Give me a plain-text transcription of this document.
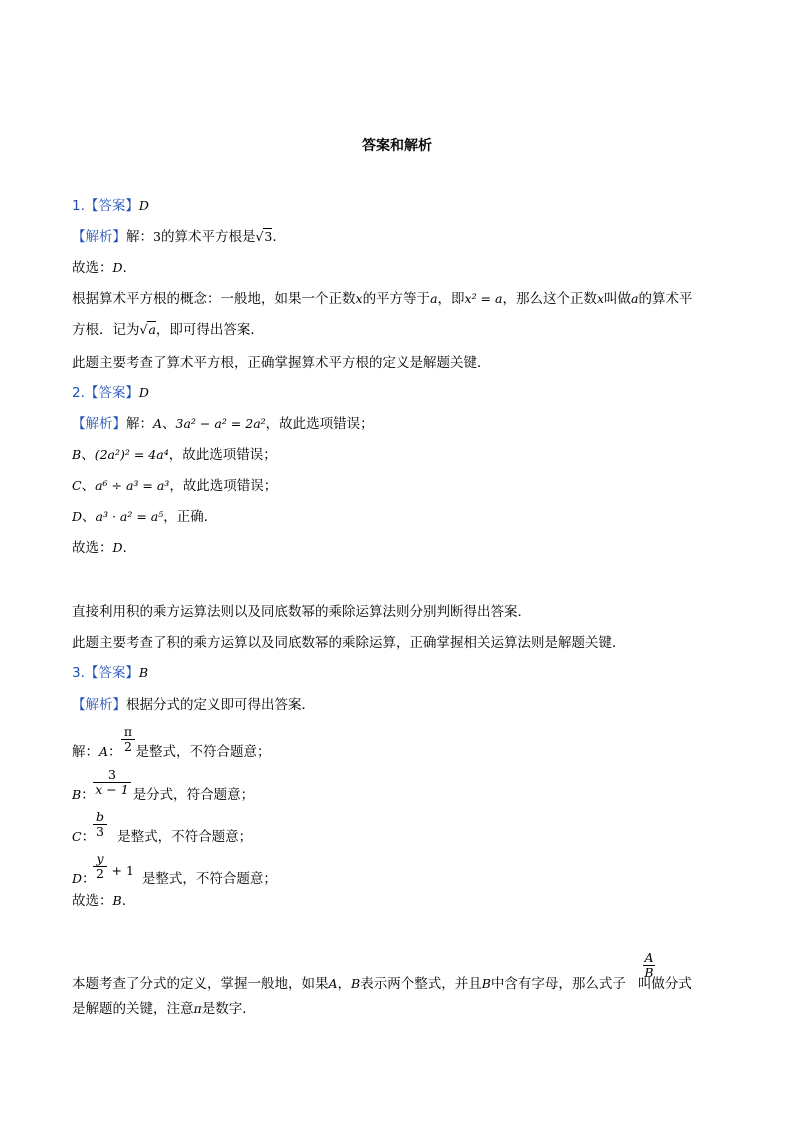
答案和解析
1.【答案】D
【解析】解：3的算术平方根是√3.
故选：D.
根据算术平方根的概念：一般地，如果一个正数x的平方等于a，即x² = a，那么这个正数x叫做a的算术平
方根．记为√a，即可得出答案．
此题主要考查了算术平方根，正确掌握算术平方根的定义是解题关键．
2.【答案】D
【解析】解：A、3a² − a² = 2a²，故此选项错误；
B、(2a²)² = 4a⁴，故此选项错误；
C、a⁶ ÷ a³ = a³，故此选项错误；
D、a³ · a² = a⁵，正确．
故选：D.
直接利用积的乘方运算法则以及同底数幂的乘除运算法则分别判断得出答案．
此题主要考查了积的乘方运算以及同底数幂的乘除运算，正确掌握相关运算法则是解题关键．
3.【答案】B
【解析】根据分式的定义即可得出答案．
解：A： 是整式，不符合题意；
$\frac{\pi}{2}$
B：	是分式，符合题意；
$\frac{3}{x - 1}$
C： 是整式，不符合题意；
$\frac{b}{3}$
D：+ 1是整式，不符合题意；
$\frac{y}{2}$
故选：B.
本题考查了分式的定义，掌握一般地，如果A，B表示两个整式，并且B中含有字母，那么式子 叫做分式
$\frac{A}{B}$
是解题的关键，注意π是数字．
